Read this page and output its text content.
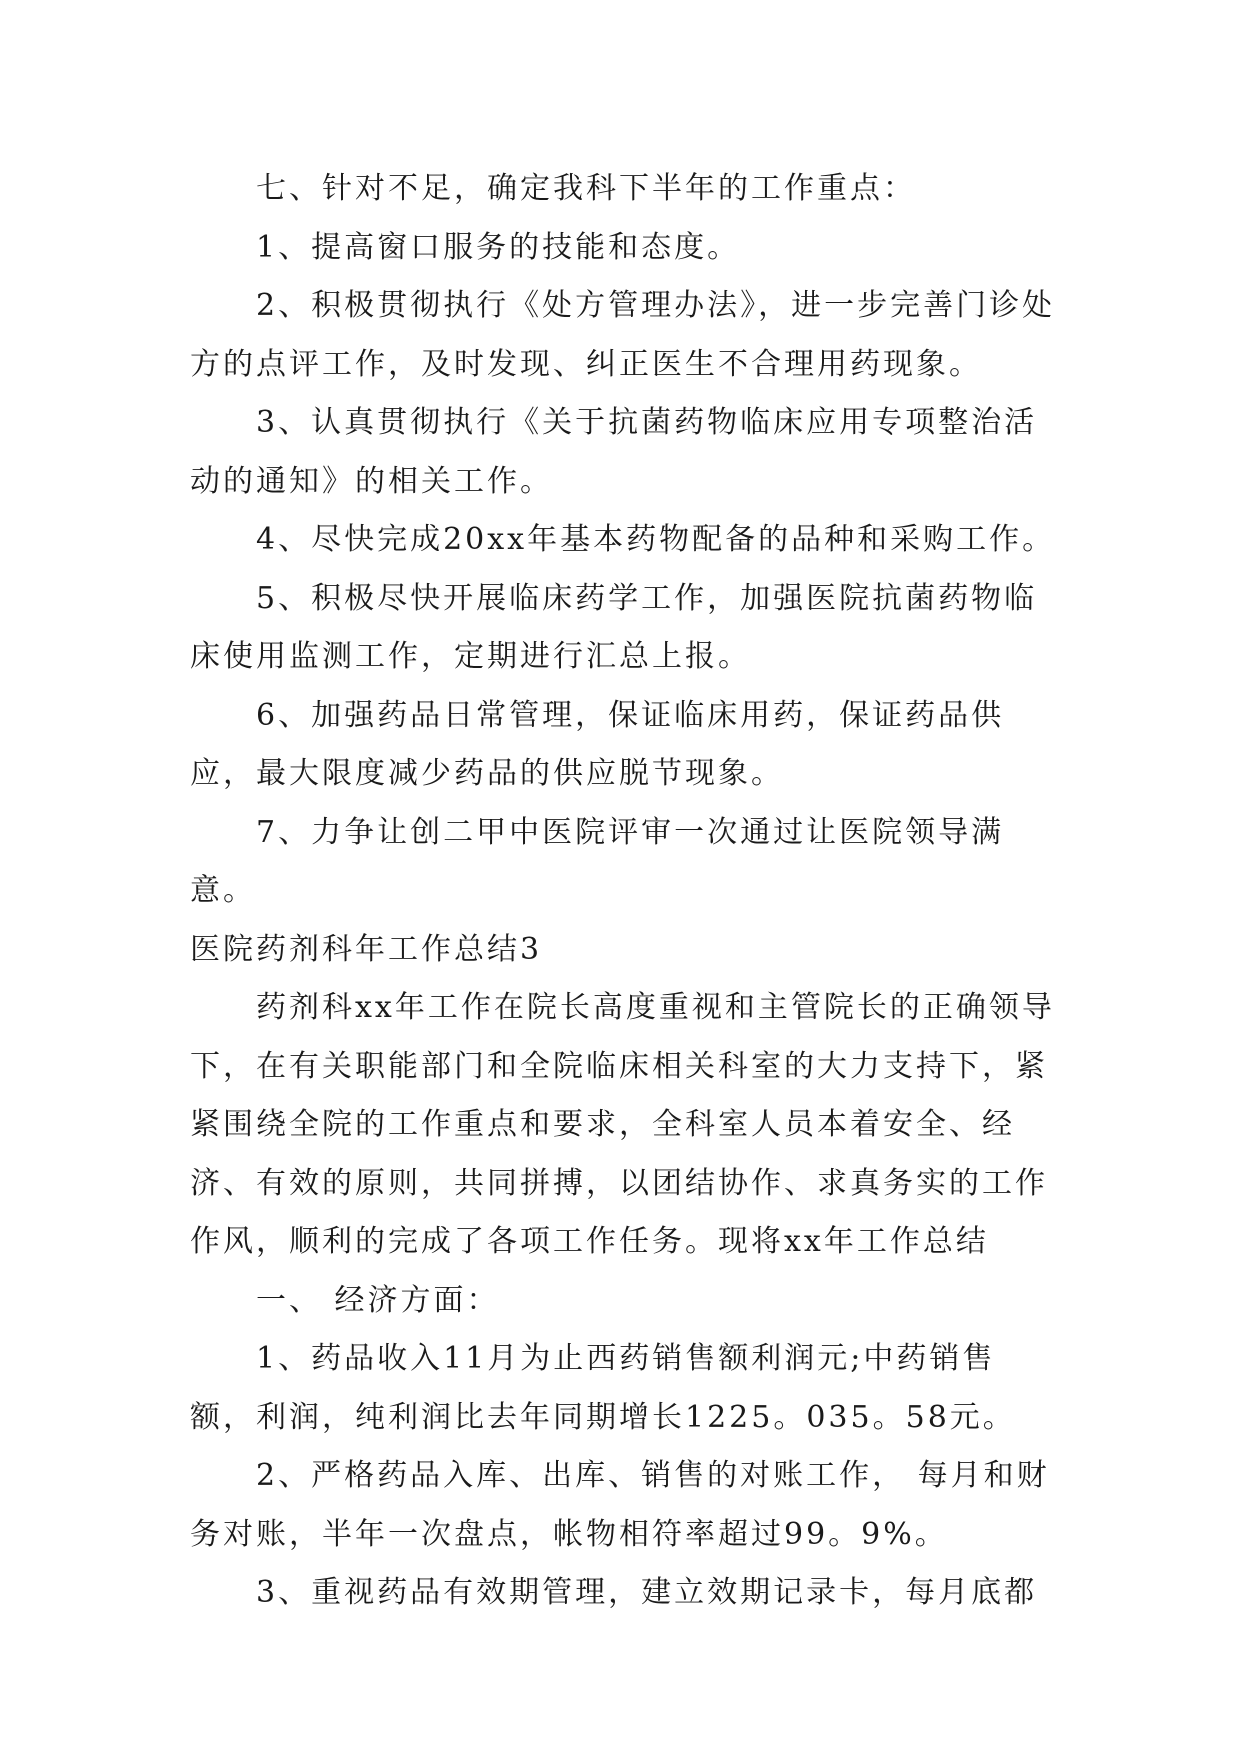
七、针对不足，确定我科下半年的工作重点：

1、提高窗口服务的技能和态度。

2、积极贯彻执行《处方管理办法》，进一步完善门诊处方的点评工作，及时发现、纠正医生不合理用药现象。

3、认真贯彻执行《关于抗菌药物临床应用专项整治活动的通知》的相关工作。

4、尽快完成20xx年基本药物配备的品种和采购工作。

5、积极尽快开展临床药学工作，加强医院抗菌药物临床使用监测工作，定期进行汇总上报。

6、加强药品日常管理，保证临床用药，保证药品供应，最大限度减少药品的供应脱节现象。

7、力争让创二甲中医院评审一次通过让医院领导满意。

医院药剂科年工作总结3

药剂科xx年工作在院长高度重视和主管院长的正确领导下，在有关职能部门和全院临床相关科室的大力支持下，紧紧围绕全院的工作重点和要求，全科室人员本着安全、经济、有效的原则，共同拼搏，以团结协作、求真务实的工作作风，顺利的完成了各项工作任务。现将xx年工作总结

一、 经济方面：

1、药品收入11月为止西药销售额利润元;中药销售额，利润，纯利润比去年同期增长1225。035。58元。

2、严格药品入库、出库、销售的对账工作， 每月和财务对账，半年一次盘点，帐物相符率超过99。9%。

3、重视药品有效期管理，建立效期记录卡，每月底都
